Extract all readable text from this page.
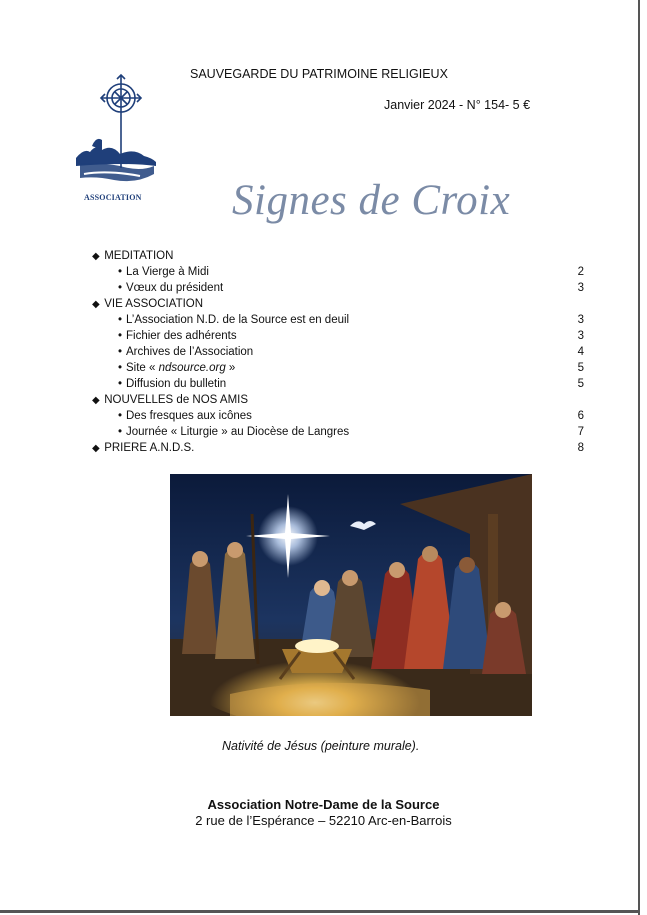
ASSOCIATION
SAUVEGARDE DU PATRIMOINE RELIGIEUX
Janvier 2024 - N° 154- 5 €
Signes de Croix
◆ MEDITATION
• La Vierge à Midi	2
• Vœux du président	3
◆ VIE ASSOCIATION
• L’Association N.D. de la Source est en deuil	3
• Fichier des adhérents	3
• Archives de l’Association	4
• Site « ndsource.org »	5
• Diffusion du bulletin	5
◆ NOUVELLES de NOS AMIS
• Des fresques aux icônes	6
• Journée « Liturgie » au Diocèse de Langres	7
◆ PRIERE A.N.D.S.	8
Nativité de Jésus (peinture murale).
Association Notre-Dame de la Source
2 rue de l’Espérance – 52210 Arc-en-Barrois
